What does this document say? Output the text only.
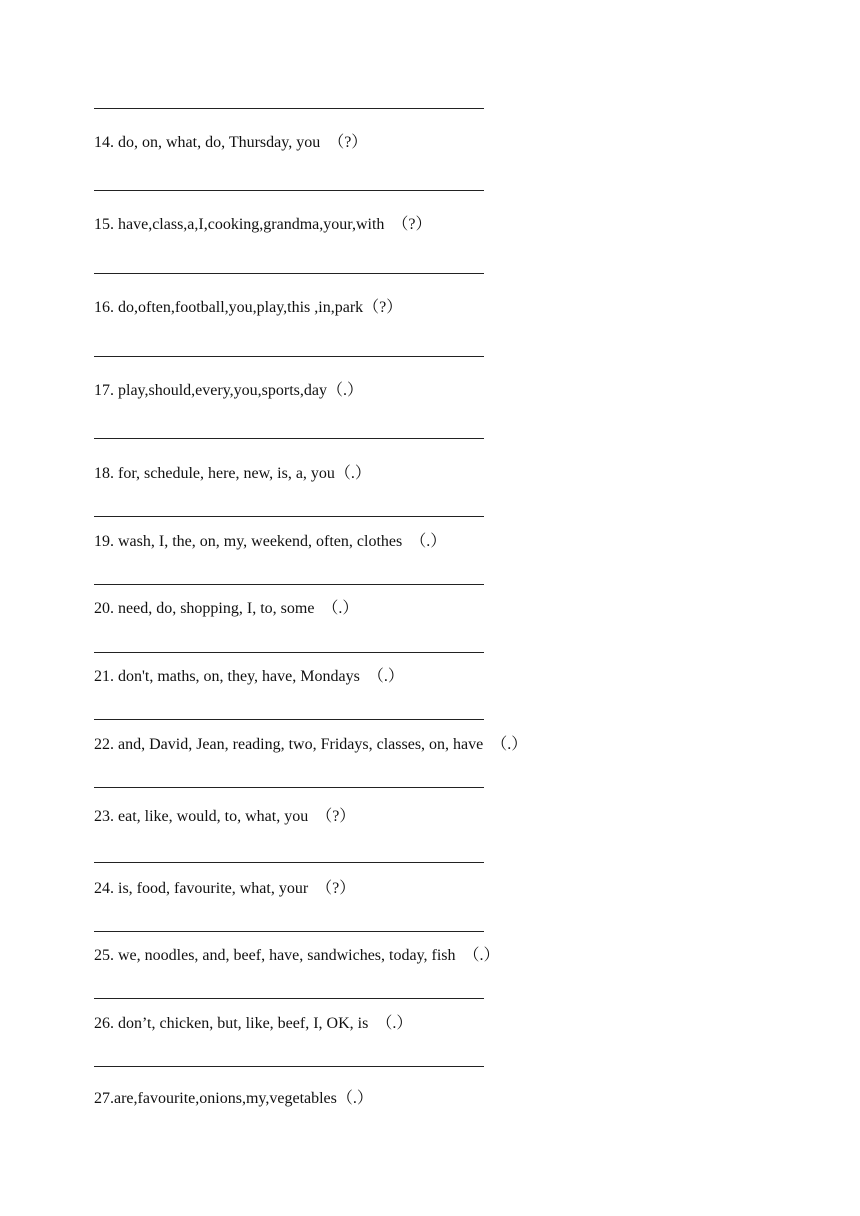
14. do, on, what, do, Thursday, you  （?）
15. have,class,a,I,cooking,grandma,your,with  （?）
16. do,often,football,you,play,this ,in,park（?）
17. play,should,every,you,sports,day（.）
18. for, schedule, here, new, is, a, you（.）
19. wash, I, the, on, my, weekend, often, clothes  （.）
20. need, do, shopping, I, to, some  （.）
21. don't, maths, on, they, have, Mondays  （.）
22. and, David, Jean, reading, two, Fridays, classes, on, have  （.）
23. eat, like, would, to, what, you  （?）
24. is, food, favourite, what, your  （?）
25. we, noodles, and, beef, have, sandwiches, today, fish  （.）
26. don’t, chicken, but, like, beef, I, OK, is  （.）
27.are,favourite,onions,my,vegetables（.）
